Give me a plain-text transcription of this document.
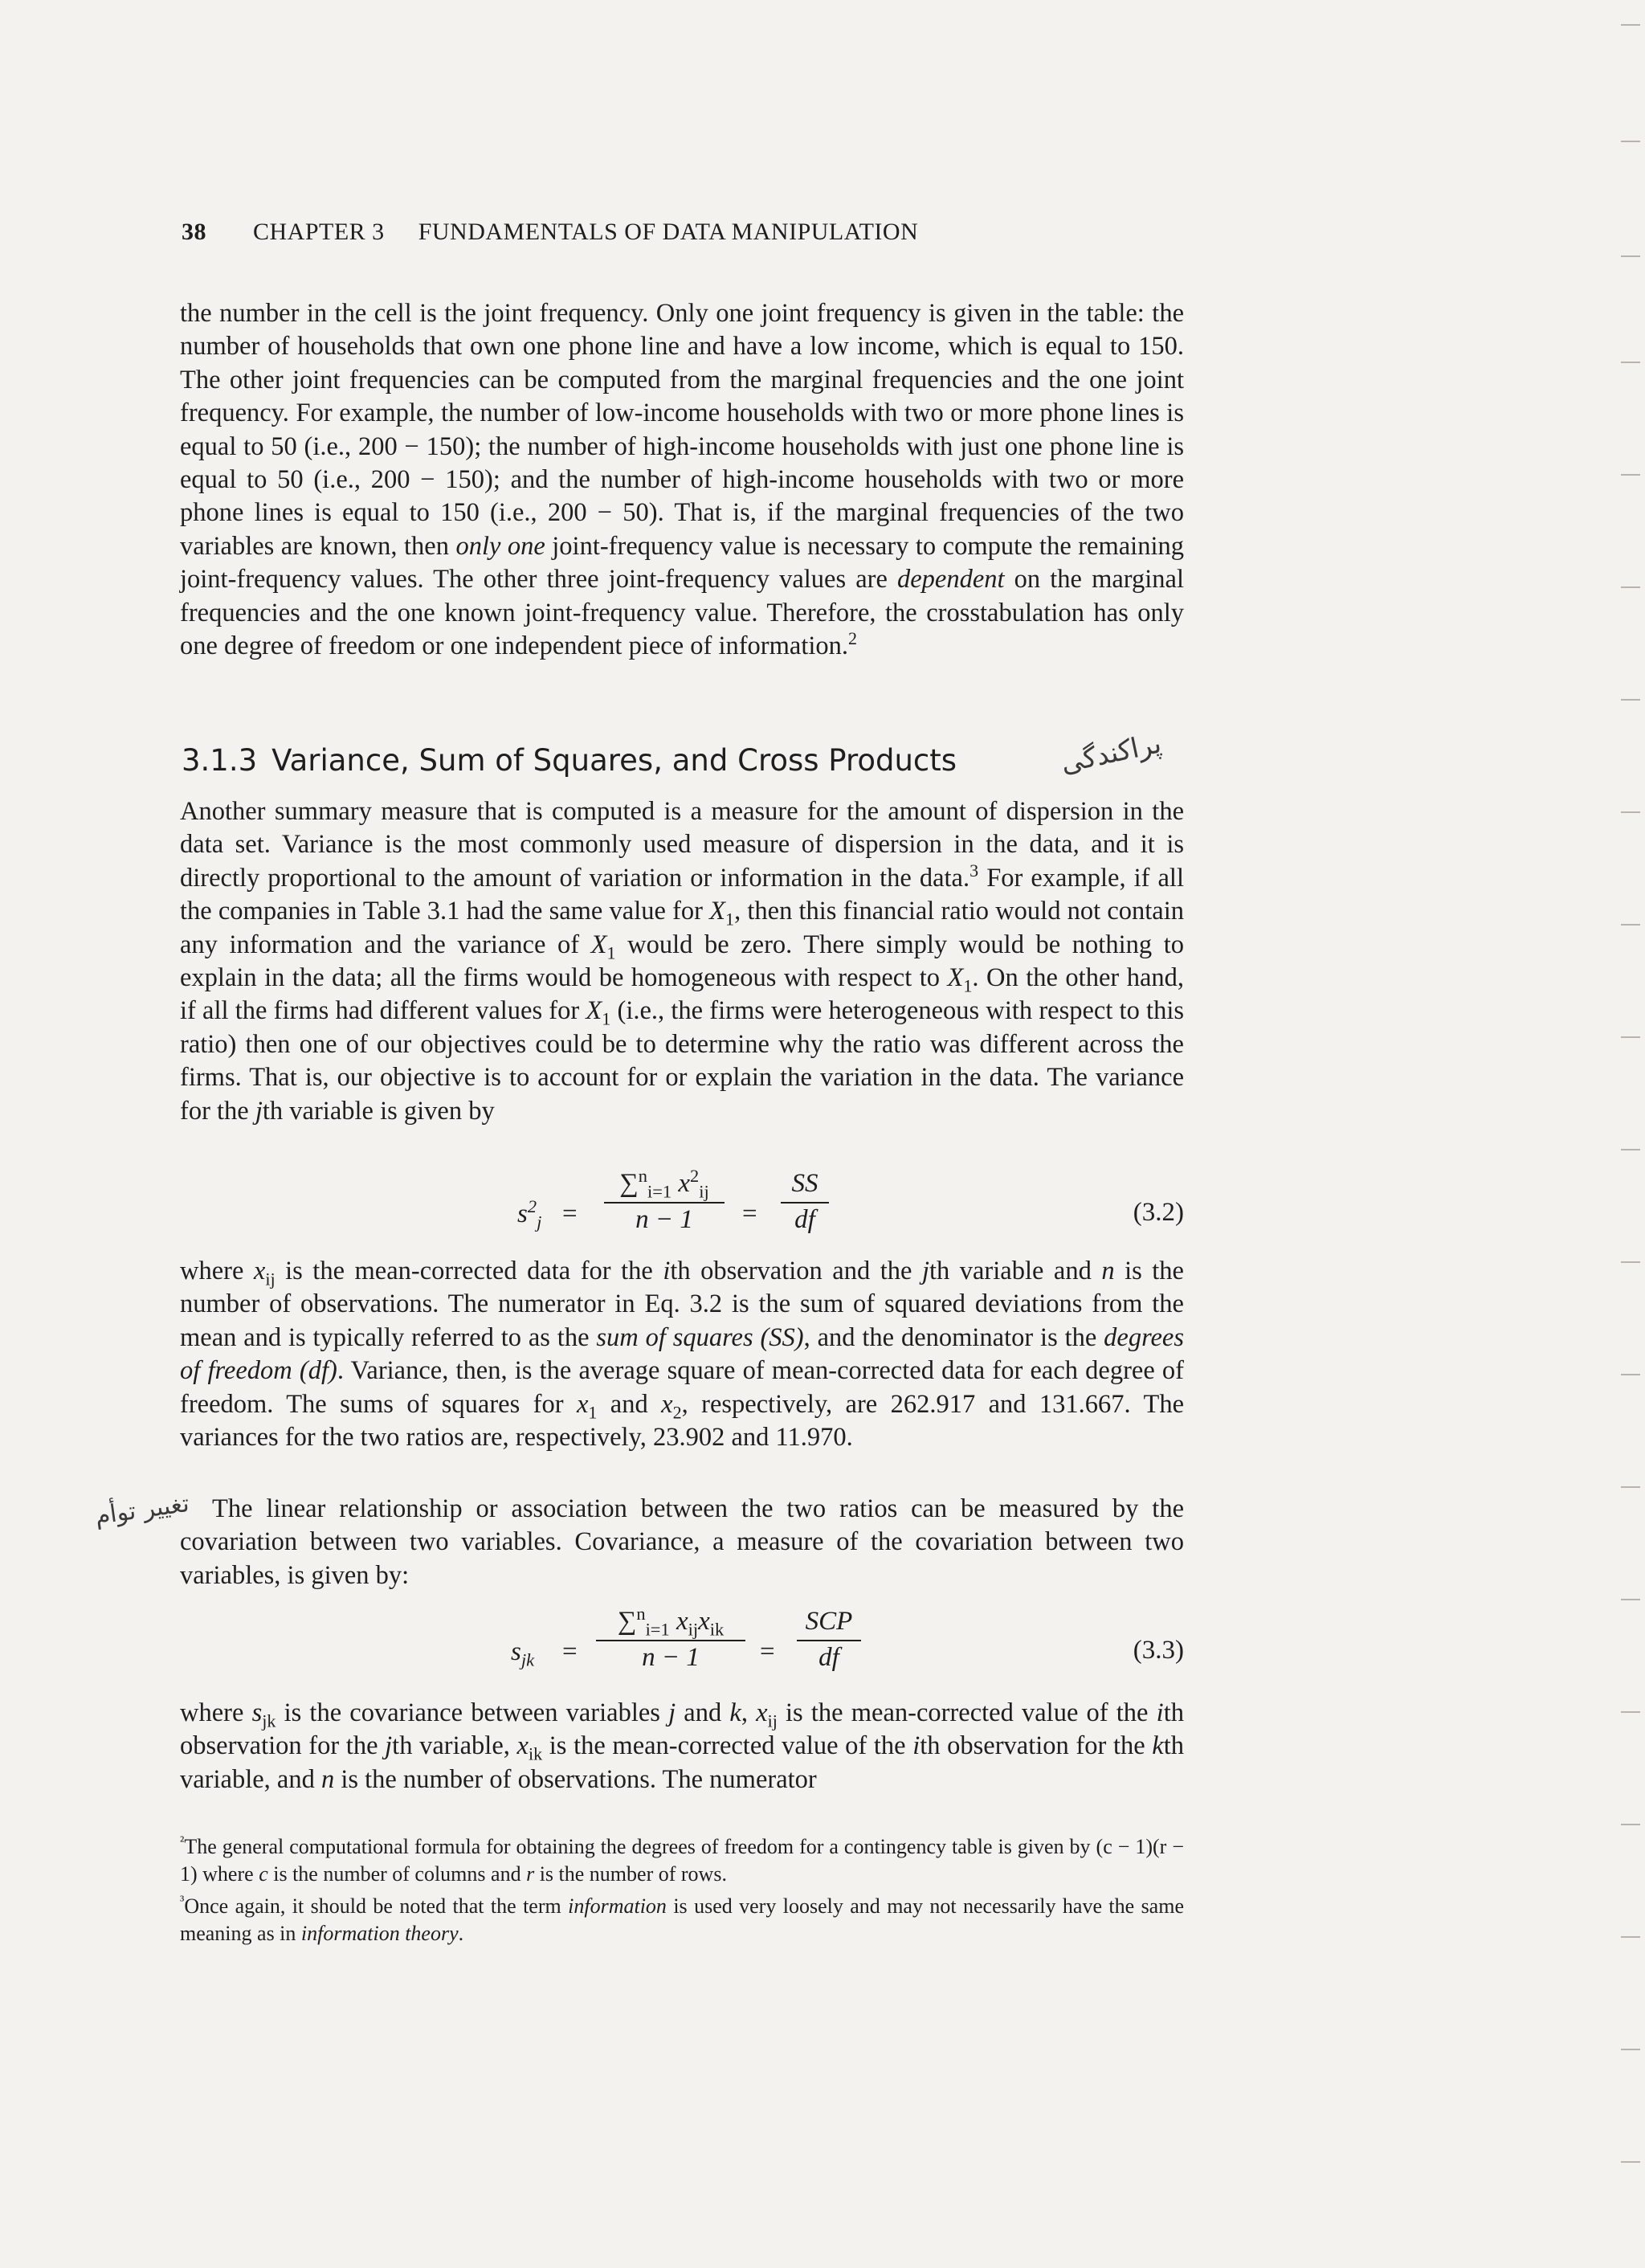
38 CHAPTER 3 FUNDAMENTALS OF DATA MANIPULATION

the number in the cell is the joint frequency. Only one joint frequency is given in the table: the number of households that own one phone line and have a low income, which is equal to 150. The other joint frequencies can be computed from the marginal frequencies and the one joint frequency. For example, the number of low-income households with two or more phone lines is equal to 50 (i.e., 200 − 150); the number of high-income households with just one phone line is equal to 50 (i.e., 200 − 150); and the number of high-income households with two or more phone lines is equal to 150 (i.e., 200 − 50). That is, if the marginal frequencies of the two variables are known, then only one joint-frequency value is necessary to compute the remaining joint-frequency values. The other three joint-frequency values are dependent on the marginal frequencies and the one known joint-frequency value. Therefore, the crosstabulation has only one degree of freedom or one independent piece of information.$^2$

3.1.3 Variance, Sum of Squares, and Cross Products	پراکندگی

Another summary measure that is computed is a measure for the amount of dispersion in the data set. Variance is the most commonly used measure of dispersion in the data, and it is directly proportional to the amount of variation or information in the data.$^3$ For example, if all the companies in Table 3.1 had the same value for $X_1$, then this financial ratio would not contain any information and the variance of $X_1$ would be zero. There simply would be nothing to explain in the data; all the firms would be homogeneous with respect to $X_1$. On the other hand, if all the firms had different values for $X_1$ (i.e., the firms were heterogeneous with respect to this ratio) then one of our objectives could be to determine why the ratio was different across the firms. That is, our objective is to account for or explain the variation in the data. The variance for the jth variable is given by

$s^2_j = \frac{\sum^n_{i=1} x^2_{ij}}{n - 1} = \frac{SS}{df}$	(3.2)

where $x_{ij}$ is the mean-corrected data for the ith observation and the jth variable and n is the number of observations. The numerator in Eq. 3.2 is the sum of squared deviations from the mean and is typically referred to as the sum of squares (SS), and the denominator is the degrees of freedom (df). Variance, then, is the average square of mean-corrected data for each degree of freedom. The sums of squares for $x_1$ and $x_2$, respectively, are 262.917 and 131.667. The variances for the two ratios are, respectively, 23.902 and 11.970.

تغییر توأم The linear relationship or association between the two ratios can be measured by the covariation between two variables. Covariance, a measure of the covariation between two variables, is given by:

$s_{jk}$ =
∑$^n_{i=1}$ $x_{ij}x_{ik}$
n − 1	=
SCP
df	(3.3)

where $s_{jk}$ is the covariance between variables j and k, $x_{ij}$ is the mean-corrected value of the ith observation for the jth variable, $x_{ik}$ is the mean-corrected value of the ith observation for the kth variable, and n is the number of observations. The numerator

$^{^2}$The general computational formula for obtaining the degrees of freedom for a contingency table is given by (c − 1)(r − 1) where c is the number of columns and r is the number of rows.

$^{^3}$Once again, it should be noted that the term information is used very loosely and may not necessarily have the same meaning as in information theory.
